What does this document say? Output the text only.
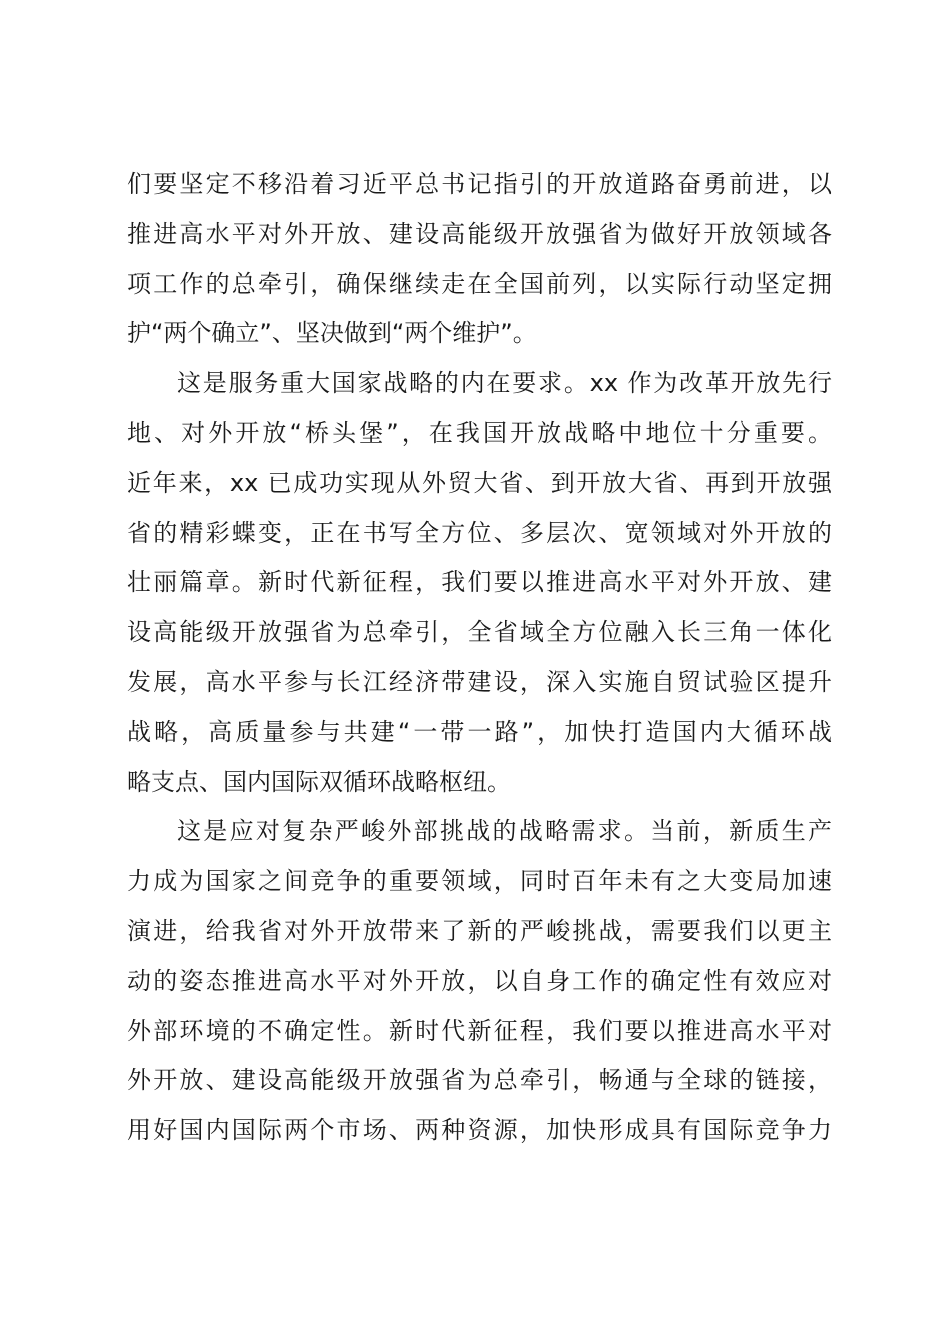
们要坚定不移沿着习近平总书记指引的开放道路奋勇前进，以
推进高水平对外开放、建设高能级开放强省为做好开放领域各
项工作的总牵引，确保继续走在全国前列，以实际行动坚定拥
护“两个确立”、坚决做到“两个维护”。
这是服务重大国家战略的内在要求。xx 作为改革开放先行
地、对外开放“桥头堡”，在我国开放战略中地位十分重要。
近年来，xx 已成功实现从外贸大省、到开放大省、再到开放强
省的精彩蝶变，正在书写全方位、多层次、宽领域对外开放的
壮丽篇章。新时代新征程，我们要以推进高水平对外开放、建
设高能级开放强省为总牵引，全省域全方位融入长三角一体化
发展，高水平参与长江经济带建设，深入实施自贸试验区提升
战略，高质量参与共建“一带一路”，加快打造国内大循环战
略支点、国内国际双循环战略枢纽。
这是应对复杂严峻外部挑战的战略需求。当前，新质生产
力成为国家之间竞争的重要领域，同时百年未有之大变局加速
演进，给我省对外开放带来了新的严峻挑战，需要我们以更主
动的姿态推进高水平对外开放，以自身工作的确定性有效应对
外部环境的不确定性。新时代新征程，我们要以推进高水平对
外开放、建设高能级开放强省为总牵引，畅通与全球的链接，
用好国内国际两个市场、两种资源，加快形成具有国际竞争力
